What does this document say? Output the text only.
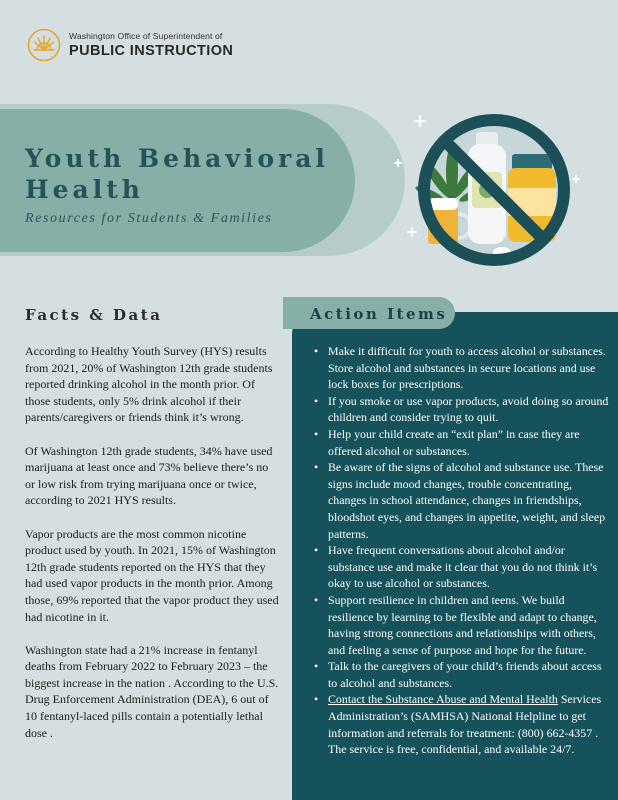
Washington Office of Superintendent of
PUBLIC INSTRUCTION
Youth Behavioral Health
Resources for Students & Families
Facts & Data

According to Healthy Youth Survey (HYS) results from 2021, 20% of Washington 12th grade students reported drinking alcohol in the month prior. Of those students, only 5% drink alcohol if their parents/caregivers or friends think it’s wrong.

Of Washington 12th grade students, 34% have used marijuana at least once and 73% believe there’s no or low risk from trying marijuana once or twice, according to 2021 HYS results.

Vapor products are the most common nicotine product used by youth. In 2021, 15% of Washington 12th grade students reported on the HYS that they had used vapor products in the month prior. Among those, 69% reported that the vapor product they used had nicotine in it.

Washington state had a 21% increase in fentanyl deaths from February 2022 to February 2023 – the biggest increase in the nation . According to the U.S. Drug Enforcement Administration (DEA), 6 out of 10 fentanyl-laced pills contain a potentially lethal dose .

Action Items
• Make it difficult for youth to access alcohol or substances. Store alcohol and substances in secure locations and use lock boxes for prescriptions.
• If you smoke or use vapor products, avoid doing so around children and consider trying to quit.
• Help your child create an “exit plan” in case they are offered alcohol or substances.
• Be aware of the signs of alcohol and substance use. These signs include mood changes, trouble concentrating, changes in school attendance, changes in friendships, bloodshot eyes, and changes in appetite, weight, and sleep patterns.
• Have frequent conversations about alcohol and/or substance use and make it clear that you do not think it’s okay to use alcohol or substances.
• Support resilience in children and teens. We build resilience by learning to be flexible and adapt to change, having strong connections and relationships with others, and feeling a sense of purpose and hope for the future.
• Talk to the caregivers of your child’s friends about access to alcohol and substances.
• Contact the Substance Abuse and Mental Health Services Administration’s (SAMHSA) National Helpline to get information and referrals for treatment: (800) 662-4357 . The service is free, confidential, and available 24/7.
